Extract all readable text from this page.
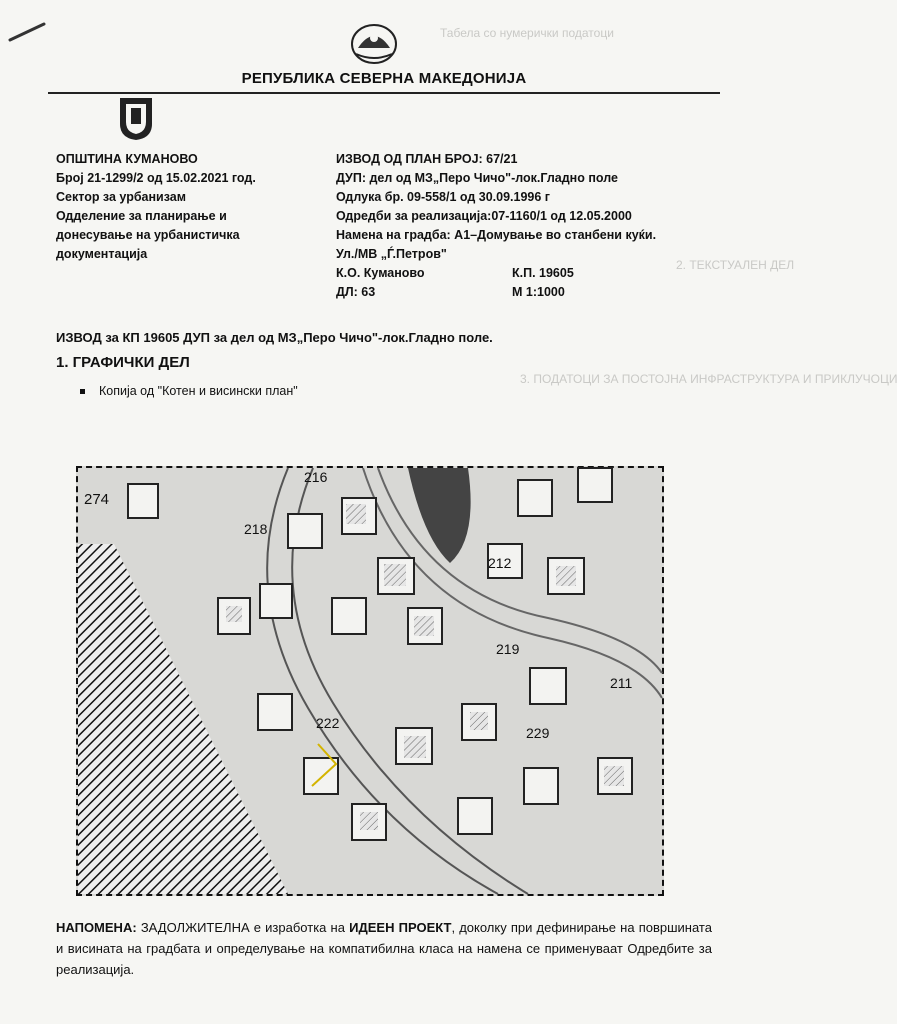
Табела со нумерички податоци
3. ПОДАТОЦИ ЗА ПОСТОЈНА ИНФРАСТРУКТУРА И ПРИКЛУЧОЦИ
2. ТЕКСТУАЛЕН ДЕЛ
РЕПУБЛИКА СЕВЕРНА МАКЕДОНИЈА
ОПШТИНА КУМАНОВО
Број 21-1299/2 од 15.02.2021 год.
Сектор за урбанизам
Одделение за планирање и
донесување на урбанистичка
документација
ИЗВОД ОД ПЛАН БРОЈ: 67/21
ДУП: дел од МЗ„Перо Чичо"-лок.Гладно поле
Одлука бр. 09-558/1 од 30.09.1996 г
Одредби за реализација:07-1160/1 од 12.05.2000
Намена на градба: А1–Домување во станбени куќи.
Ул./МВ „Ѓ.Петров"
К.О. Куманово	К.П. 19605
ДЛ: 63	М 1:1000
ИЗВОД за КП 19605 ДУП за дел од МЗ„Перо Чичо"-лок.Гладно поле.
1. ГРАФИЧКИ ДЕЛ
Копија од "Котен и висински план"
274
216
218
212
219
211
222
229
НАПОМЕНА: ЗАДОЛЖИТЕЛНА е изработка на ИДЕЕН ПРОЕКТ, доколку при дефинирање на површината и висината на градбата и определување на компатибилна класа на намена се применуваат Одредбите за реализација.
